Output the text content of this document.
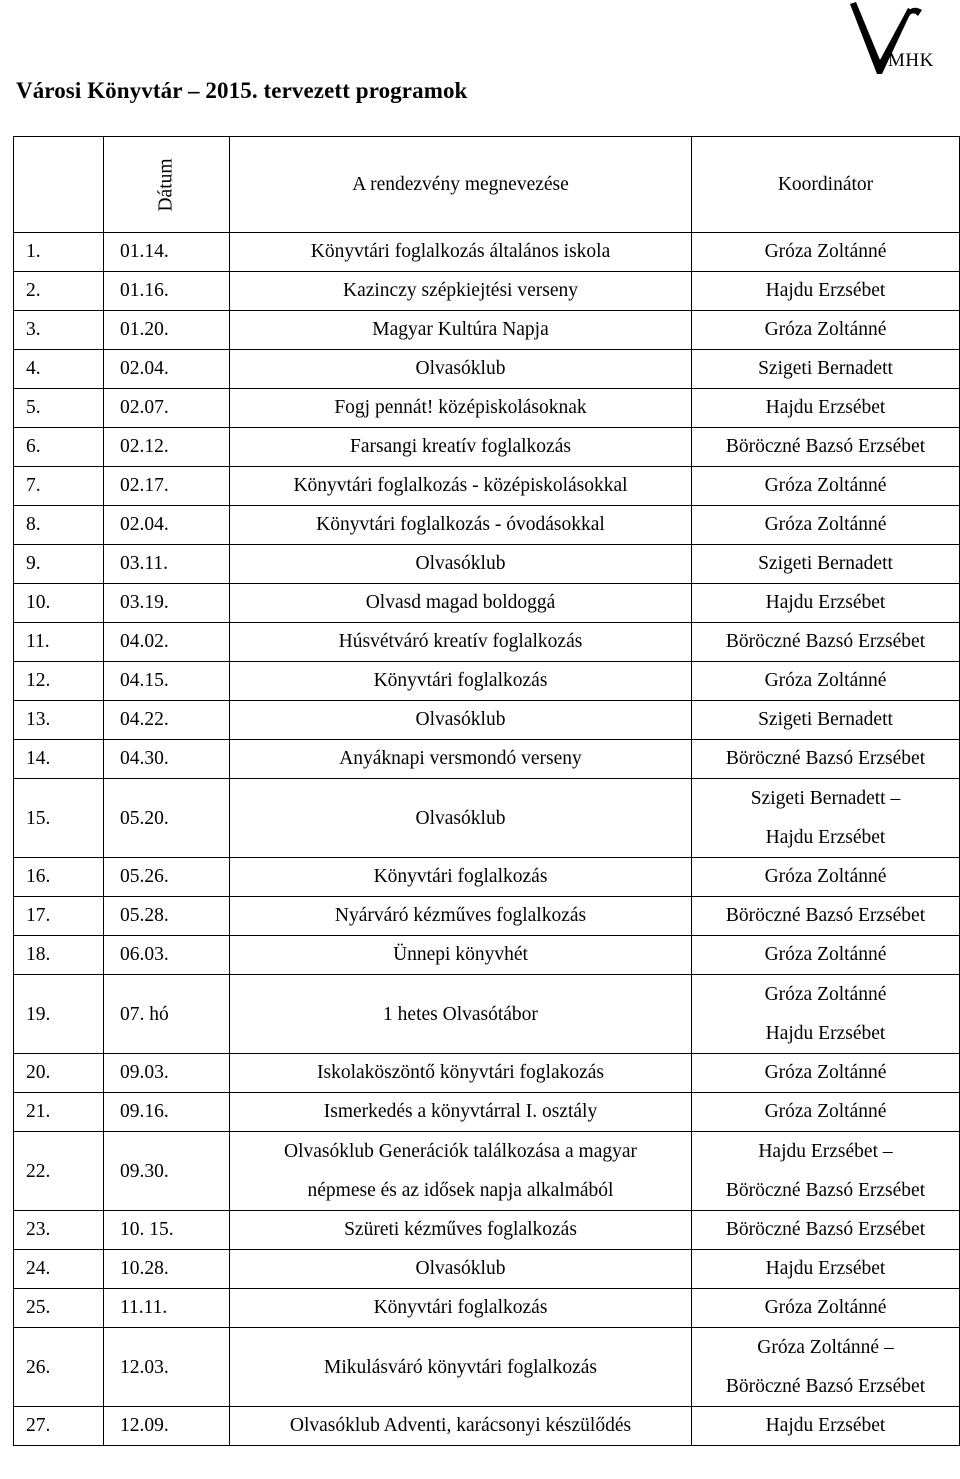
Városi Könyvtár – 2015. tervezett programok
MHK
	Dátum	A rendezvény megnevezése	Koordinátor
1.	01.14.	Könyvtári foglalkozás általános iskola	Gróza Zoltánné
2.	01.16.	Kazinczy szépkiejtési verseny	Hajdu Erzsébet
3.	01.20.	Magyar Kultúra Napja	Gróza Zoltánné
4.	02.04.	Olvasóklub	Szigeti Bernadett
5.	02.07.	Fogj pennát! középiskolásoknak	Hajdu Erzsébet
6.	02.12.	Farsangi kreatív foglalkozás	Böröczné Bazsó Erzsébet
7.	02.17.	Könyvtári foglalkozás - középiskolásokkal	Gróza Zoltánné
8.	02.04.	Könyvtári foglalkozás - óvodásokkal	Gróza Zoltánné
9.	03.11.	Olvasóklub	Szigeti Bernadett
10.	03.19.	Olvasd magad boldoggá	Hajdu Erzsébet
11.	04.02.	Húsvétváró kreatív foglalkozás	Böröczné Bazsó Erzsébet
12.	04.15.	Könyvtári foglalkozás	Gróza Zoltánné
13.	04.22.	Olvasóklub	Szigeti Bernadett
14.	04.30.	Anyáknapi versmondó verseny	Böröczné Bazsó Erzsébet
15.	05.20.	Olvasóklub	Szigeti Bernadett –
Hajdu Erzsébet

16.	05.26.	Könyvtári foglalkozás	Gróza Zoltánné
17.	05.28.	Nyárváró kézműves foglalkozás	Böröczné Bazsó Erzsébet
18.	06.03.	Ünnepi könyvhét	Gróza Zoltánné
19.	07. hó	1 hetes Olvasótábor	Gróza Zoltánné
Hajdu Erzsébet

20.	09.03.	Iskolaköszöntő könyvtári foglakozás	Gróza Zoltánné
21.	09.16.	Ismerkedés a könyvtárral I. osztály	Gróza Zoltánné
22.	09.30.	Olvasóklub Generációk találkozása a magyar
népmese és az idősek napja alkalmából	Hajdu Erzsébet –
Böröczné Bazsó Erzsébet

23.	10. 15.	Szüreti kézműves foglalkozás	Böröczné Bazsó Erzsébet
24.	10.28.	Olvasóklub	Hajdu Erzsébet
25.	11.11.	Könyvtári foglalkozás	Gróza Zoltánné
26.	12.03.	Mikulásváró könyvtári foglalkozás	Gróza Zoltánné –
Böröczné Bazsó Erzsébet

27.	12.09.	Olvasóklub Adventi, karácsonyi készülődés	Hajdu Erzsébet
